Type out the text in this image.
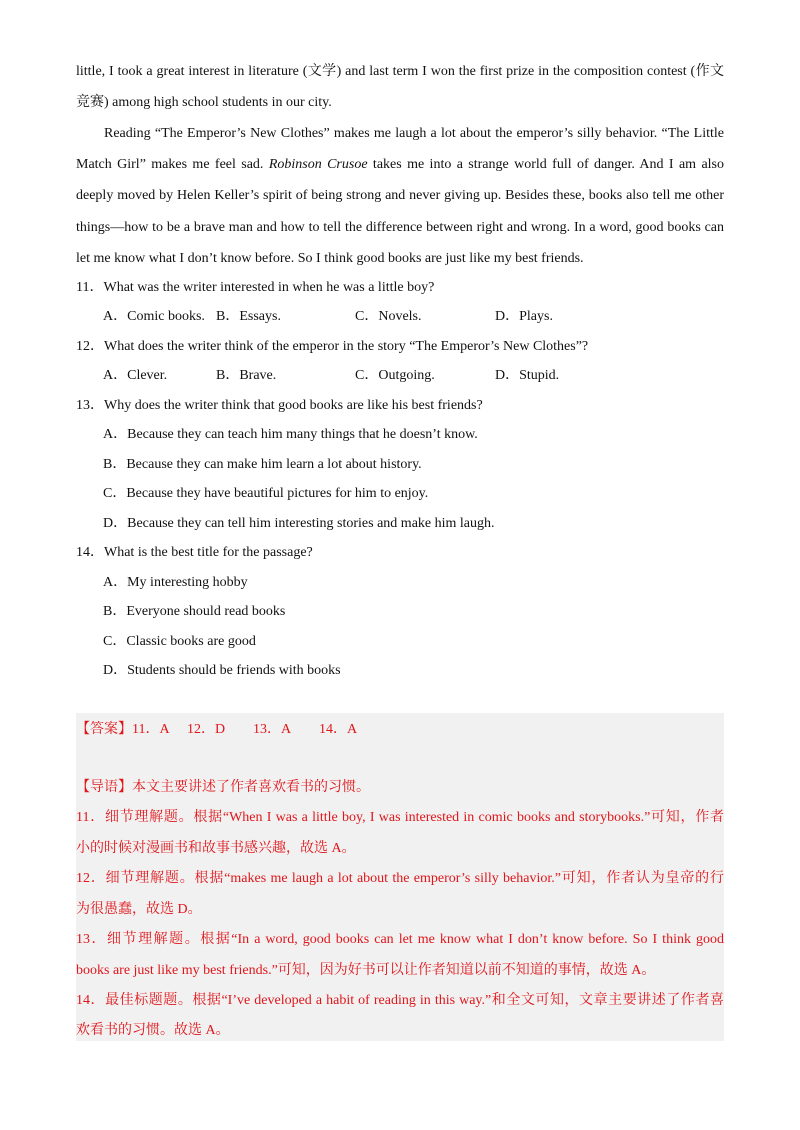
little, I took a great interest in literature (文学) and last term I won the first prize in the composition contest (作文
竞赛) among high school students in our city.
Reading “The Emperor’s New Clothes” makes me laugh a lot about the emperor’s silly behavior. “The Little
Match Girl” makes me feel sad. Robinson Crusoe takes me into a strange world full of danger. And I am also
deeply moved by Helen Keller’s spirit of being strong and never giving up. Besides these, books also tell me other
things—how to be a brave man and how to tell the difference between right and wrong. In a word, good books can
let me know what I don’t know before. So I think good books are just like my best friends.
11．What was the writer interested in when he was a little boy?
A．Comic books. B．Essays.	C．Novels.	D．Plays.
12．What does the writer think of the emperor in the story “The Emperor’s New Clothes”?
A．Clever.	B．Brave.	C．Outgoing.	D．Stupid.
13．Why does the writer think that good books are like his best friends?
A．Because they can teach him many things that he doesn’t know.
B．Because they can make him learn a lot about history.
C．Because they have beautiful pictures for him to enjoy.
D．Because they can tell him interesting stories and make him laugh.
14．What is the best title for the passage?
A．My interesting hobby
B．Everyone should read books
C．Classic books are good
D．Students should be friends with books
【答案】11．A 12．D 13．A 14．A
【导语】本文主要讲述了作者喜欢看书的习惯。
11．细节理解题。根据“When I was a little boy, I was interested in comic books and storybooks.”可知，作者
小的时候对漫画书和故事书感兴趣，故选 A。
12．细节理解题。根据“makes me laugh a lot about the emperor’s silly behavior.”可知，作者认为皇帝的行
为很愚蠢，故选 D。
13．细节理解题。根据“In a word, good books can let me know what I don’t know before. So I think good
books are just like my best friends.”可知，因为好书可以让作者知道以前不知道的事情，故选 A。
14．最佳标题题。根据“I’ve developed a habit of reading in this way.”和全文可知，文章主要讲述了作者喜
欢看书的习惯。故选 A。
